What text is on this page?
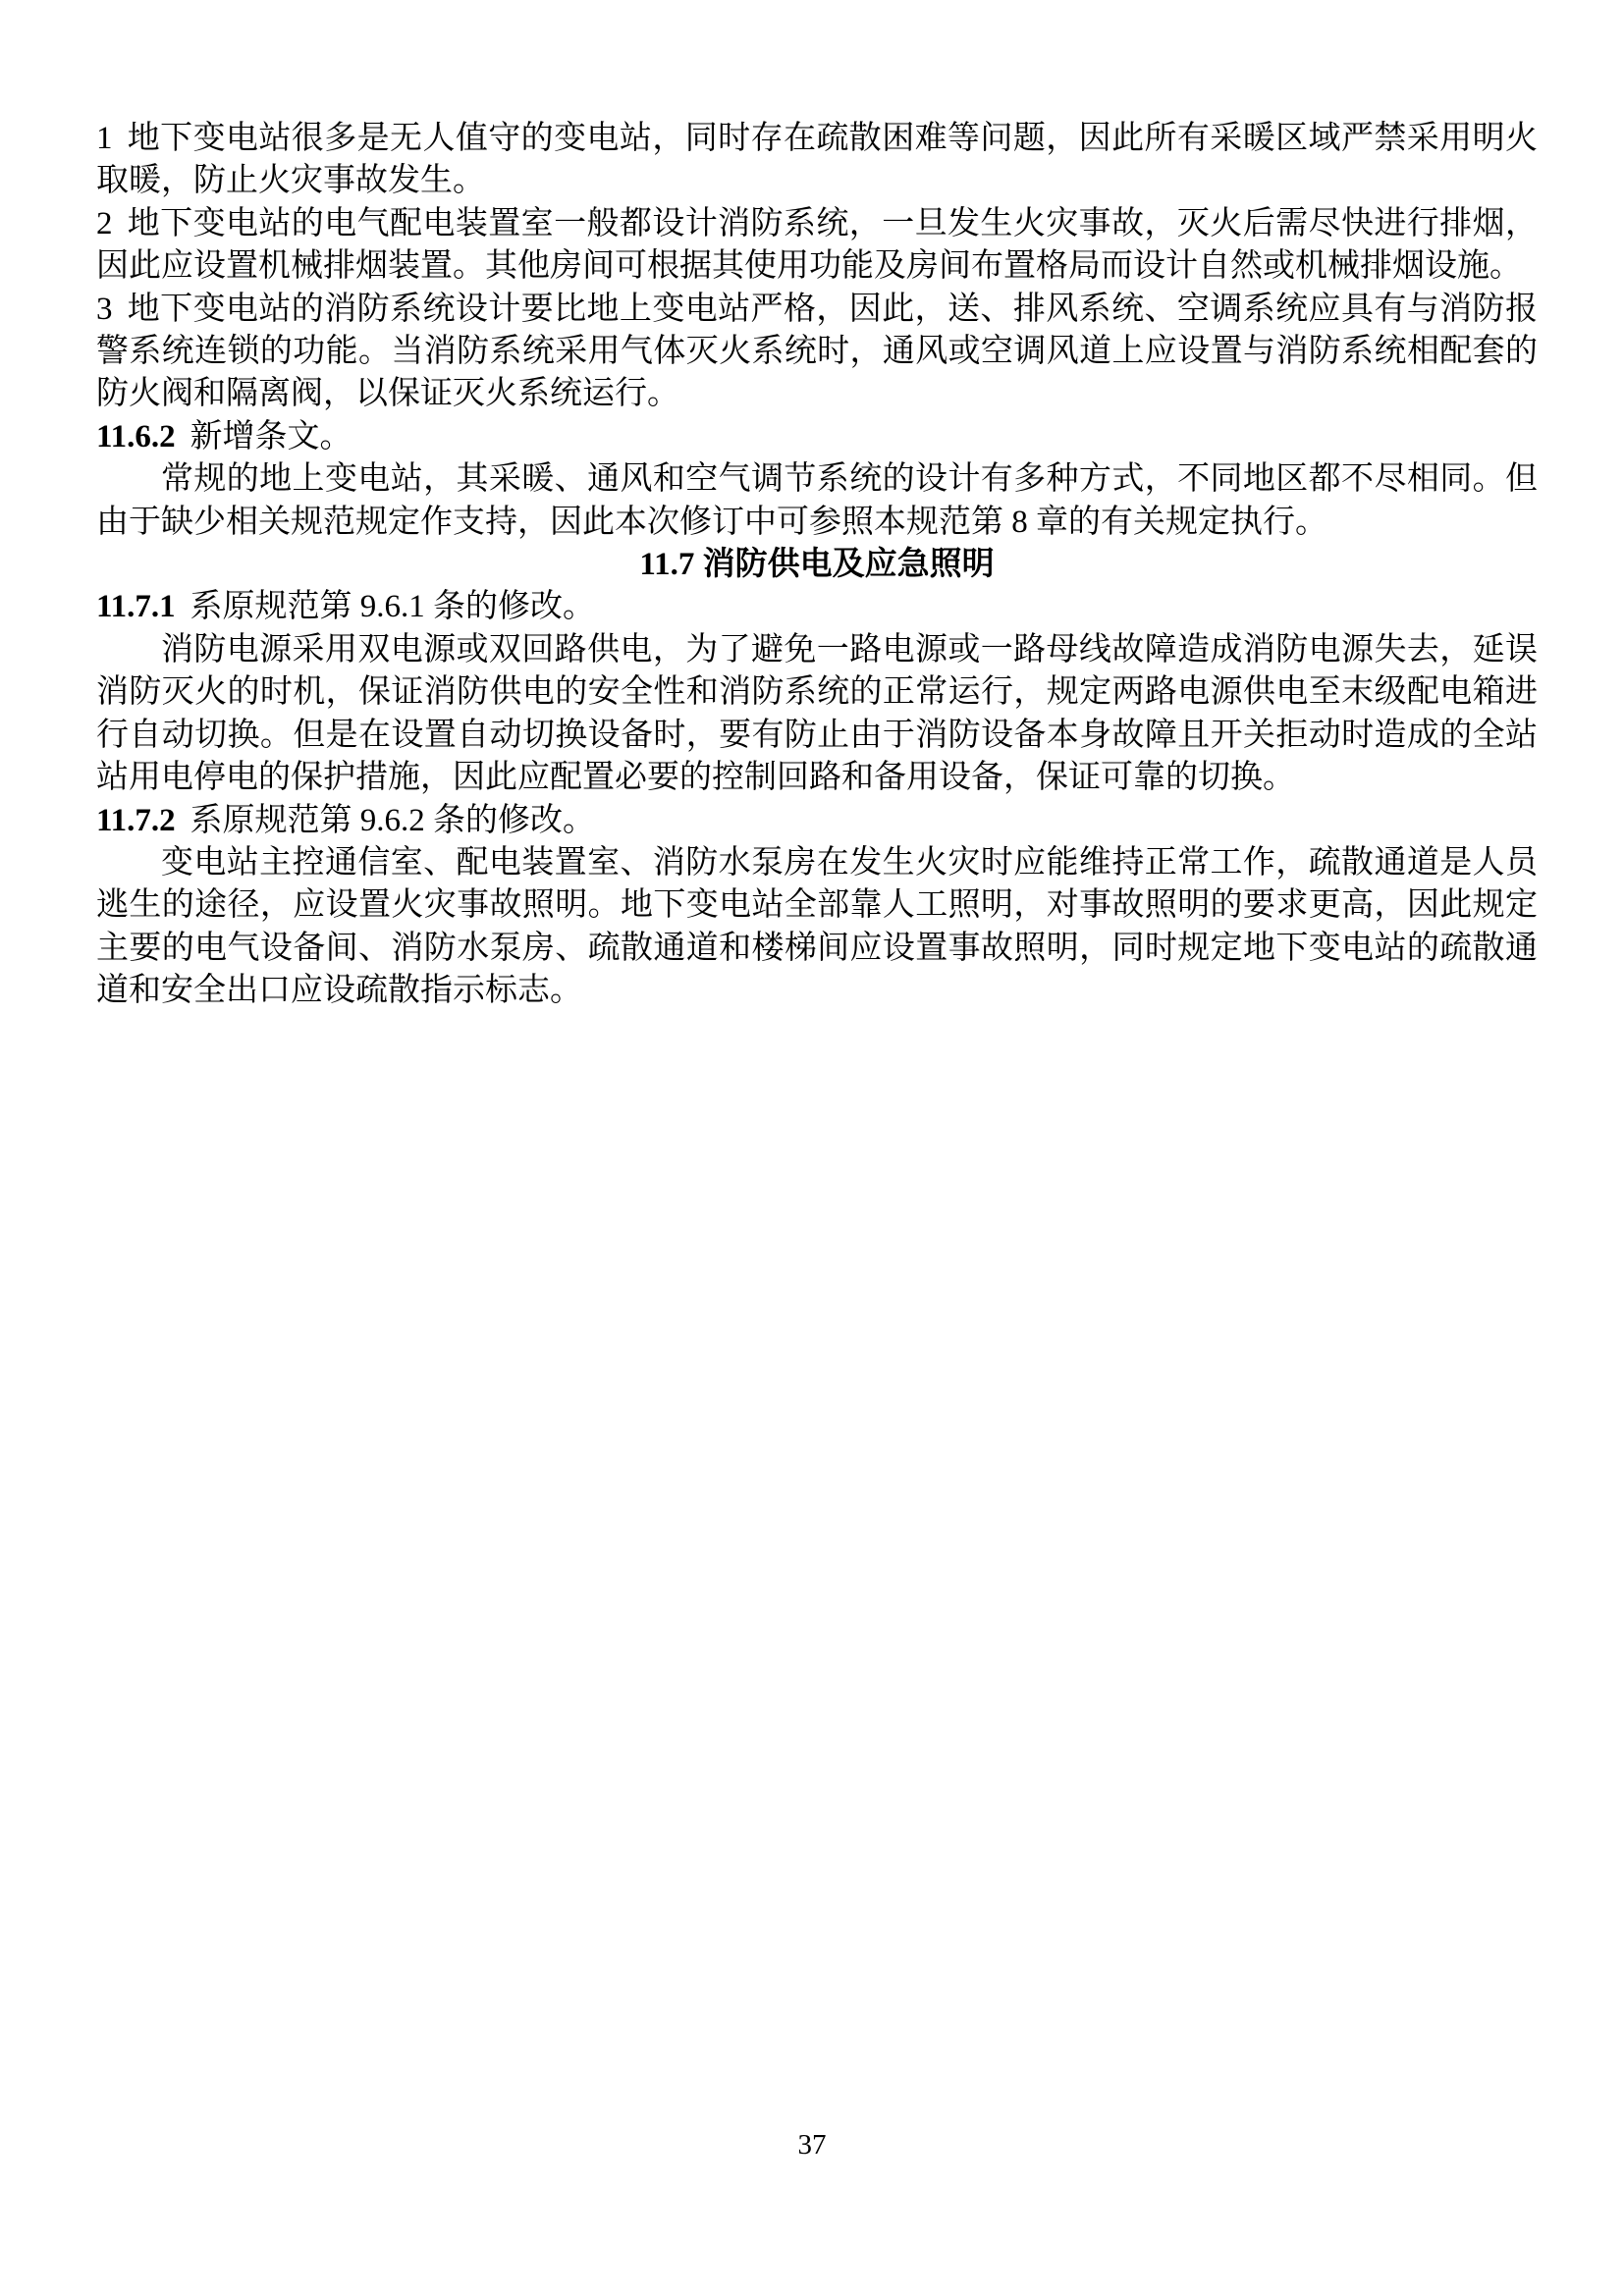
1 地下变电站很多是无人值守的变电站，同时存在疏散困难等问题，因此所有采暖区域严禁采用明火取暖，防止火灾事故发生。

2 地下变电站的电气配电装置室一般都设计消防系统，一旦发生火灾事故，灭火后需尽快进行排烟，因此应设置机械排烟装置。其他房间可根据其使用功能及房间布置格局而设计自然或机械排烟设施。

3 地下变电站的消防系统设计要比地上变电站严格，因此，送、排风系统、空调系统应具有与消防报警系统连锁的功能。当消防系统采用气体灭火系统时，通风或空调风道上应设置与消防系统相配套的防火阀和隔离阀，以保证灭火系统运行。

11.6.2 新增条文。

常规的地上变电站，其采暖、通风和空气调节系统的设计有多种方式，不同地区都不尽相同。但由于缺少相关规范规定作支持，因此本次修订中可参照本规范第 8 章的有关规定执行。

11.7 消防供电及应急照明

11.7.1 系原规范第 9.6.1 条的修改。

消防电源采用双电源或双回路供电，为了避免一路电源或一路母线故障造成消防电源失去，延误消防灭火的时机，保证消防供电的安全性和消防系统的正常运行，规定两路电源供电至末级配电箱进行自动切换。但是在设置自动切换设备时，要有防止由于消防设备本身故障且开关拒动时造成的全站站用电停电的保护措施，因此应配置必要的控制回路和备用设备，保证可靠的切换。

11.7.2 系原规范第 9.6.2 条的修改。

变电站主控通信室、配电装置室、消防水泵房在发生火灾时应能维持正常工作，疏散通道是人员逃生的途径，应设置火灾事故照明。地下变电站全部靠人工照明，对事故照明的要求更高，因此规定主要的电气设备间、消防水泵房、疏散通道和楼梯间应设置事故照明，同时规定地下变电站的疏散通道和安全出口应设疏散指示标志。

37
